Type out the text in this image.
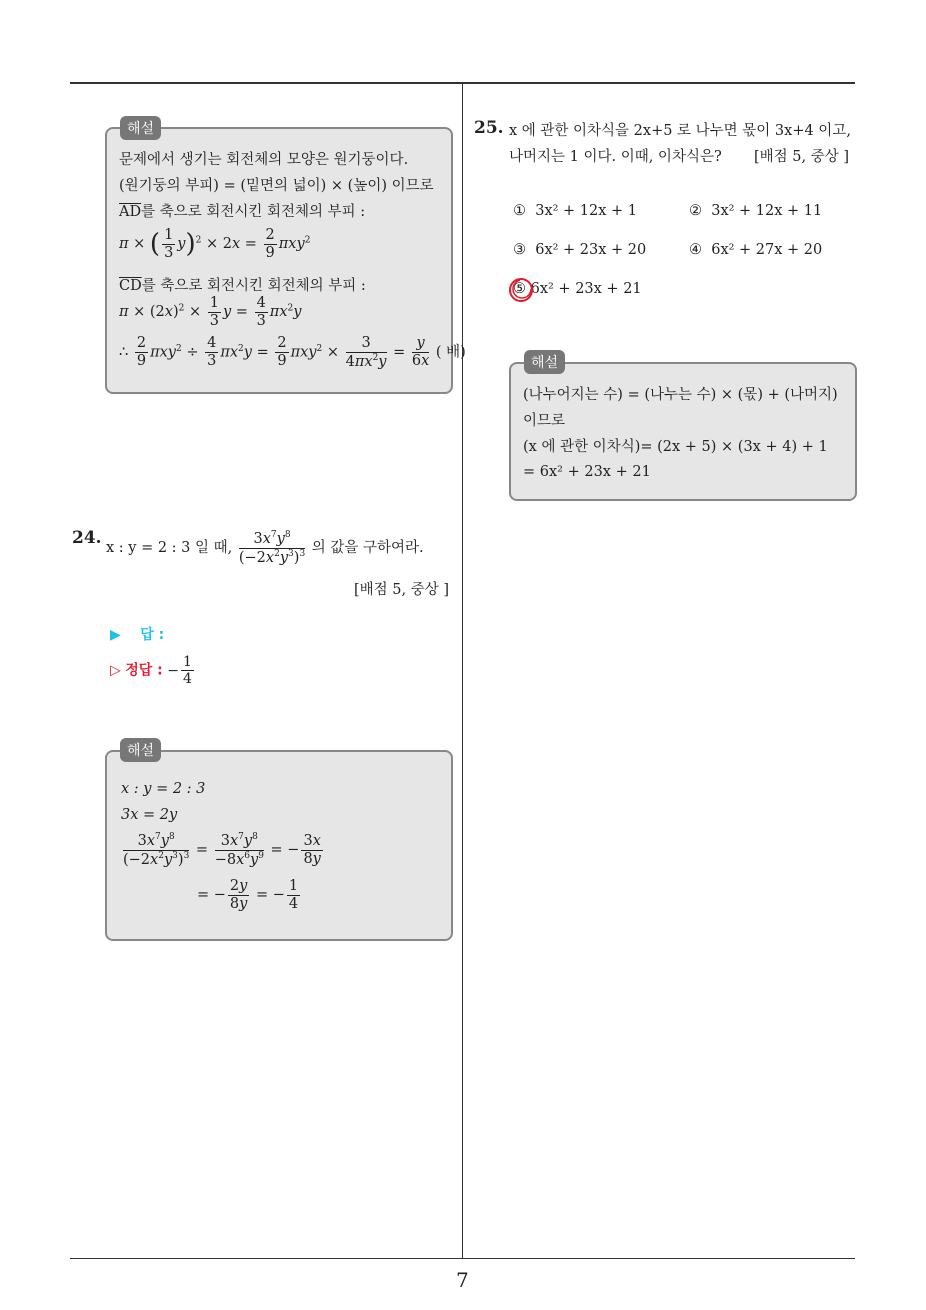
문제에서 생기는 회전체의 모양은 원기둥이다.
(원기둥의 부피) = (밑면의 넓이) × (높이) 이므로
$\overline{AD}$를 축으로 회전시킨 회전체의 부피 :
π × ( $\frac{1}{3} y)^2 \times 2x = \frac{2}{9} \pi xy^2$
$\overline{CD}$를 축으로 회전시킨 회전체의 부피 :
$\pi \times (2x)^2 \times \frac{1}{3}$ $y = \frac{4}{3} \pi x^2y$
∴ $\frac{2}{9} \pi xy^2 \div \frac{4}{3} \pi x^2y = \frac{2}{9} \pi xy^2 \times \frac{3}{4\pi x^2y} = \frac{y}{6x}$ ( 배)
해설
24. x : y = 2 : 3 일 때, $\frac{3x^7y^8}{(-2x^2y^3)^3}$ 의 값을 구하여라.
[배점 5, 중상 ]
▶ 답 :
▷ 정답 : − $\frac{1}{4}$
x : y = 2 : 3
3x = 2y
$\frac{3x^7y^8}{(-2x^2y^3)^3} = \frac{3x^7y^8}{-8x^6y^9}$ = − $\frac{3x}{8y}$
= − $\frac{2y}{8y}$ = − $\frac{1}{4}$
해설
25. x 에 관한 이차식을 2x+5 로 나누면 몫이 3x+4 이고,
나머지는 1 이다. 이때, 이차식은? [배점 5, 중상 ]
① 3x² + 12x + 1	② 3x² + 12x + 11
③ 6x² + 23x + 20	④ 6x² + 27x + 20
⑤ 6x² + 23x + 21
(나누어지는 수) = (나누는 수) × (몫) + (나머지)
이므로
(x 에 관한 이차식)= (2x + 5) × (3x + 4) + 1
= 6x² + 23x + 21
해설
7
